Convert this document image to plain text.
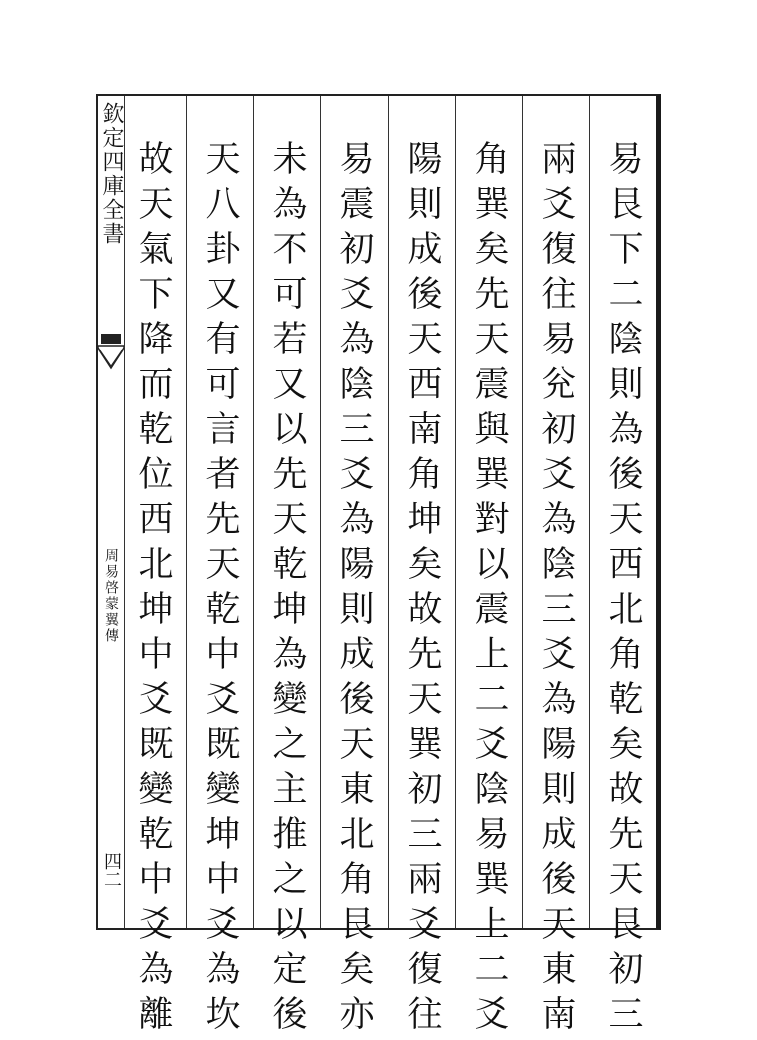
欽定四庫全書
周易啓蒙翼傳
四二	易艮下二陰則為後天西北角乾矣故先天艮初三
兩爻復往易兊初爻為陰三爻為陽則成後天東南
角巽矣先天震與巽對以震上二爻陰易巽上二爻
陽則成後天西南角坤矣故先天巽初三兩爻復往
易震初爻為陰三爻為陽則成後天東北角艮矣亦
未為不可若又以先天乾坤為變之主推之以定後
天八卦又有可言者先天乾中爻既變坤中爻為坎
故天氣下降而乾位西北坤中爻既變乾中爻為離
